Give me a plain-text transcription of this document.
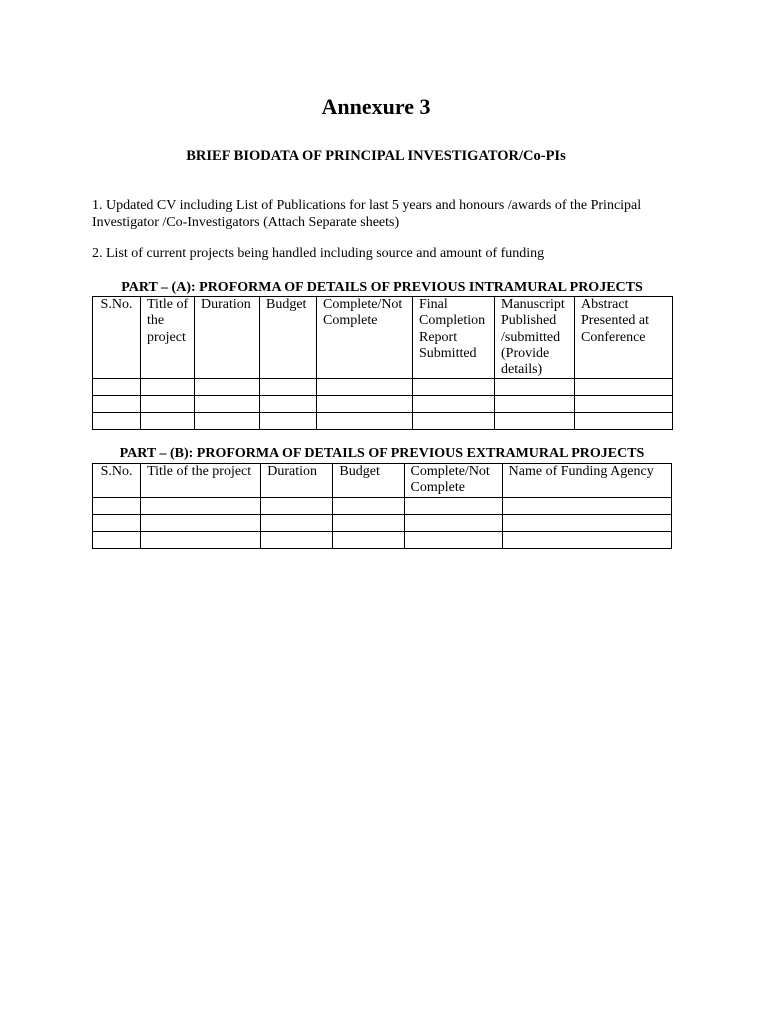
Annexure 3
BRIEF BIODATA OF PRINCIPAL INVESTIGATOR/Co-PIs
1. Updated CV including List of Publications for last 5 years and honours /awards of the Principal Investigator /Co-Investigators (Attach Separate sheets)
2. List of current projects being handled including source and amount of funding
PART – (A): PROFORMA OF DETAILS OF PREVIOUS INTRAMURAL PROJECTS
S.No.	Title of the project	Duration	Budget	Complete/Not Complete	Final Completion Report Submitted	Manuscript Published /submitted (Provide details)	Abstract Presented at Conference

PART – (B): PROFORMA OF DETAILS OF PREVIOUS EXTRAMURAL PROJECTS
S.No.	Title of the project	Duration	Budget	Complete/Not Complete	Name of Funding Agency
